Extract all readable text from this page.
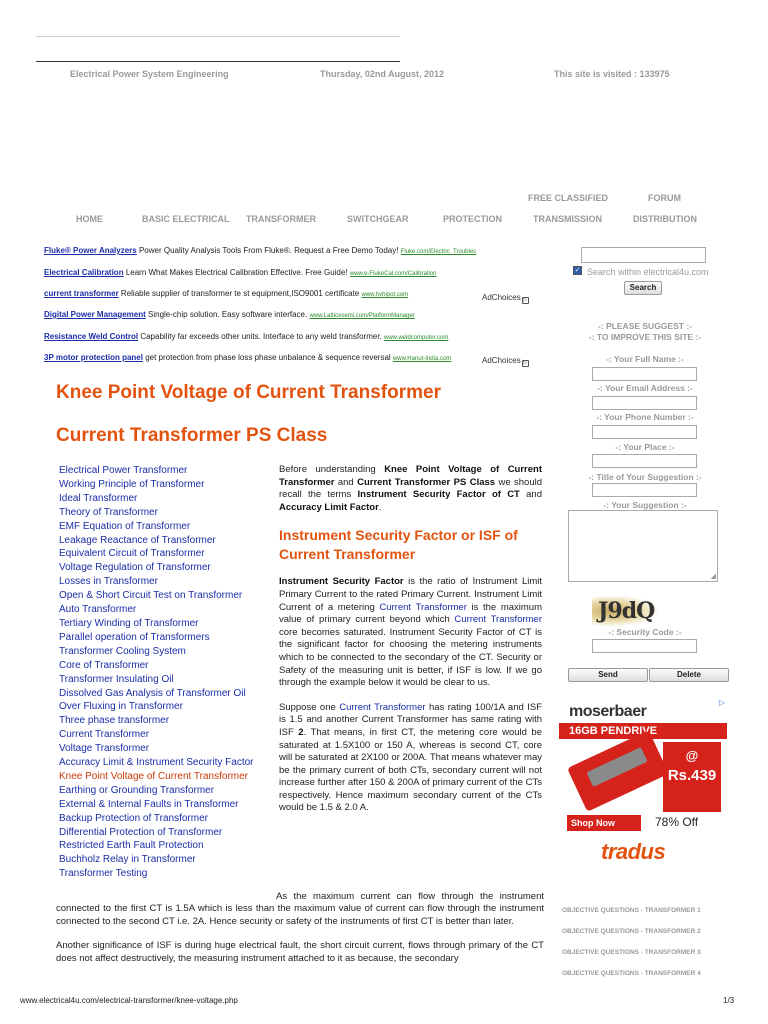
Electrical Power System Engineering	Thursday, 02nd August, 2012	This site is visited : 133975
FREE CLASSIFIED	FORUM
HOME	BASIC ELECTRICAL TRANSFORMER	SWITCHGEAR	PROTECTION	TRANSMISSION	DISTRIBUTION
Fluke® Power Analyzers Power Quality Analysis Tools From Fluke®. Request a Free Demo Today! Fluke.com/Electric_Troubles
Electrical Calibration Learn What Makes Electrical Calibration Effective. Free Guide! www.e-FlukeCal.com/Calibration
current transformer Reliable supplier of transformer te st equipment,ISO9001 certificate www.hvhipot.com
Digital Power Management Single-chip solution. Easy software interface. www.Latticesemi.com/PlatformManager
Resistance Weld Control Capability far exceeds other units. Interface to any weld transformer. www.weldcomputer.com
3P motor protection panel get protection from phase loss phase unbalance & sequence reversal www.Hanut-India.com
AdChoices ▷
AdChoices ▷
Knee Point Voltage of Current Transformer
Current Transformer PS Class
Electrical Power Transformer
Working Principle of Transformer
Ideal Transformer
Theory of Transformer
EMF Equation of Transformer
Leakage Reactance of Transformer
Equivalent Circuit of Transformer
Voltage Regulation of Transformer
Losses in Transformer
Open & Short Circuit Test on Transformer
Auto Transformer
Tertiary Winding of Transformer
Parallel operation of Transformers
Transformer Cooling System
Core of Transformer
Transformer Insulating Oil
Dissolved Gas Analysis of Transformer Oil
Over Fluxing in Transformer
Three phase transformer
Current Transformer
Voltage Transformer
Accuracy Limit & Instrument Security Factor
Knee Point Voltage of Current Transformer
Earthing or Grounding Transformer
External & Internal Faults in Transformer
Backup Protection of Transformer
Differential Protection of Transformer
Restricted Earth Fault Protection
Buchholz Relay in Transformer
Transformer Testing

Before understanding Knee Point Voltage of Current Transformer and Current Transformer PS Class we should recall the terms Instrument Security Factor of CT and Accuracy Limit Factor.

Instrument Security Factor or ISF of Current Transformer

Instrument Security Factor is the ratio of Instrument Limit Primary Current to the rated Primary Current. Instrument Limit Current of a metering Current Transformer is the maximum value of primary current beyond which Current Transformer core becomes saturated. Instrument Security Factor of CT is the significant factor for choosing the metering instruments which to be connected to the secondary of the CT. Security or Safety of the measuring unit is better, if ISF is low. If we go through the example below it would be clear to us.

Suppose one Current Transformer has rating 100/1A and ISF is 1.5 and another Current Transformer has same rating with ISF 2. That means, in first CT, the metering core would be saturated at 1.5X100 or 150 A, whereas is second CT, core will be saturated at 2X100 or 200A. That means whatever may be the primary current of both CTs, secondary current will not increase further after 150 & 200A of primary current of the CTs respectively. Hence maximum secondary current of the CTs would be 1.5 & 2.0 A.

As the maximum current can flow through the instrument connected to the first CT is 1.5A which is less than the maximum value of current can flow through the instrument connected to the second CT i.e. 2A. Hence security or safety of the instruments of first CT is better than later.

Another significance of ISF is during huge electrical fault, the short circuit current, flows through primary of the CT does not affect destructively, the measuring instrument attached to it as because, the secondary

✓ Search within electrical4u.com
Search
-: PLEASE SUGGEST :-
-: TO IMPROVE THIS SITE :-
-: Your Full Name :-
-: Your Email Address :-
-: Your Phone Number :-
-: Your Place :-
-: Title of Your Suggestion :-
-: Your Suggestion :-
◢
J9dQ
-: Security Code :-
Send	Delete
▷
moserbaer
16GB PENDRIVE
@
Rs.439
Shop Now	78% Off
tradus
OBJECTIVE QUESTIONS - TRANSFORMER 1
OBJECTIVE QUESTIONS - TRANSFORMER 2
OBJECTIVE QUESTIONS - TRANSFORMER 3
OBJECTIVE QUESTIONS - TRANSFORMER 4
www.electrical4u.com/electrical-transformer/knee-voltage.php	1/3
